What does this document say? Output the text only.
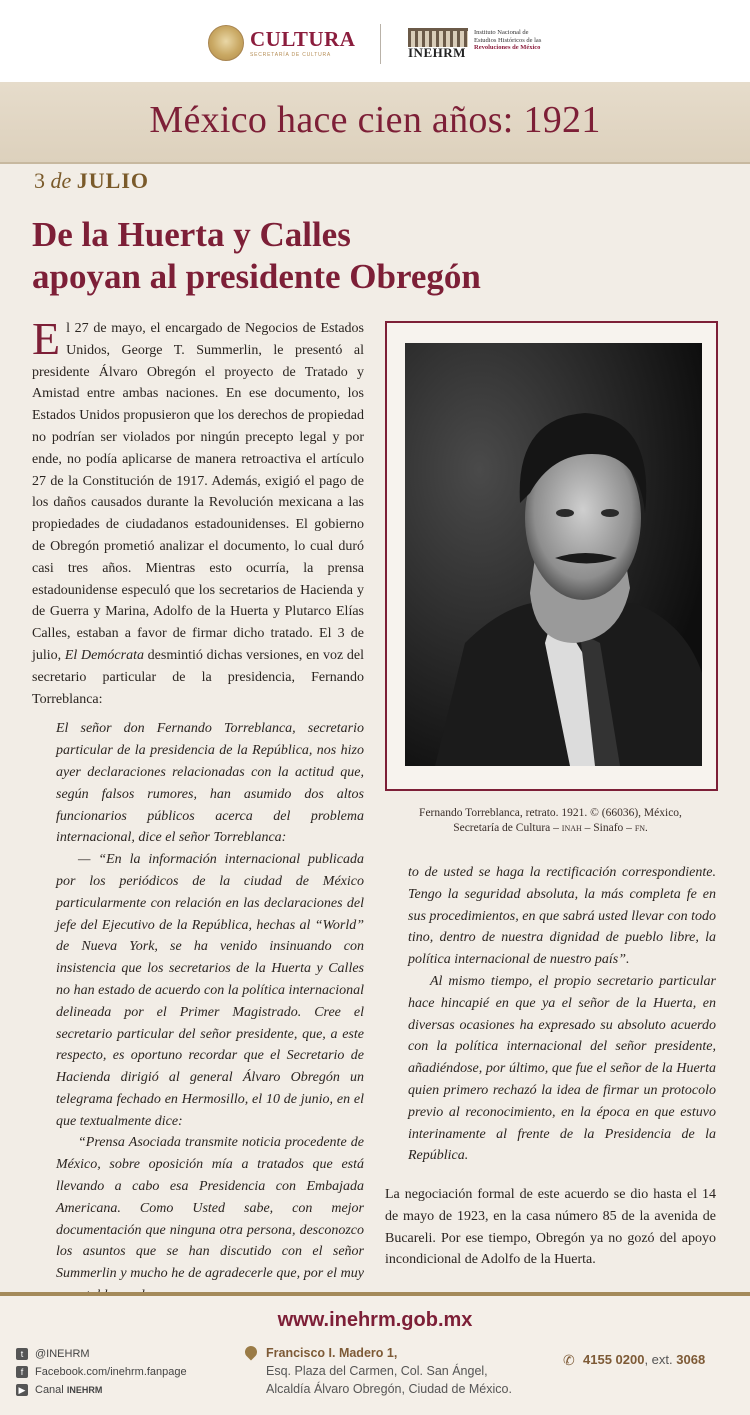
CULTURA
SECRETARÍA DE CULTURA	INEHRM
Instituto Nacional de
Estudios Históricos de las
Revoluciones de México
México hace cien años: 1921
3 de JULIO
De la Huerta y Calles
apoyan al presidente Obregón

El 27 de mayo, el encargado de Negocios de Estados Unidos, George T. Summerlin, le presentó al presidente Álvaro Obregón el proyecto de Tratado y Amistad entre ambas naciones. En ese documento, los Estados Unidos propusieron que los derechos de propiedad no podrían ser violados por ningún precepto legal y por ende, no podía aplicarse de manera retroactiva el artículo 27 de la Constitución de 1917. Además, exigió el pago de los daños causados durante la Revolución mexicana a las propiedades de ciudadanos estadounidenses. El gobierno de Obregón prometió analizar el documento, lo cual duró casi tres años. Mientras esto ocurría, la prensa estadounidense especuló que los secretarios de Hacienda y de Guerra y Marina, Adolfo de la Huerta y Plutarco Elías Calles, estaban a favor de firmar dicho tratado. El 3 de julio, El Demócrata desmintió dichas versiones, en voz del secretario particular de la presidencia, Fernando Torreblanca:

El señor don Fernando Torreblanca, secretario particular de la presidencia de la República, nos hizo ayer declaraciones relacionadas con la actitud que, según falsos rumores, han asumido dos altos funcionarios públicos acerca del problema internacional, dice el señor Torreblanca:

— “En la información internacional publicada por los periódicos de la ciudad de México particularmente con relación en las declaraciones del jefe del Ejecutivo de la República, hechas al “World” de Nueva York, se ha venido insinuando con insistencia que los secretarios de la Huerta y Calles no han estado de acuerdo con la política internacional delineada por el Primer Magistrado. Cree el secretario particular del señor presidente, que, a este respecto, es oportuno recordar que el Secretario de Hacienda dirigió al general Álvaro Obregón un telegrama fechado en Hermosillo, el 10 de junio, en el que textualmente dice:

“Prensa Asociada transmite noticia procedente de México, sobre oposición mía a tratados que está llevando a cabo esa Presidencia con Embajada Americana. Como Usted sabe, con mejor documentación que ninguna otra persona, desconozco los asuntos que se han discutido con el señor Summerlin y mucho he de agradecerle que, por el muy

Fernando Torreblanca, retrato. 1921. © (66036), México,
Secretaría de Cultura – inah – Sinafo – fn.

to de usted se haga la rectificación correspondiente. Tengo la seguridad absoluta, la más completa fe en sus procedimientos, en que sabrá usted llevar con todo tino, dentro de nuestra dignidad de pueblo libre, la política internacional de nuestro país”.

Al mismo tiempo, el propio secretario particular hace hincapié en que ya el señor de la Huerta, en diversas ocasiones ha expresado su absoluto acuerdo con la política internacional del señor presidente, añadiéndose, por último, que fue el señor de la Huerta quien primero rechazó la idea de firmar un protocolo previo al reconocimiento, en la época en que estuvo interinamente al frente de la Presidencia de la República.

La negociación formal de este acuerdo se dio hasta el 14 de mayo de 1923, en la casa número 85 de la avenida de Bucareli. Por ese tiempo, Obregón ya no gozó del apoyo incondicional de Adolfo de la Huerta.

www.inehrm.gob.mx
t	@INEHRM
f	Facebook.com/inehrm.fanpage
▶ Canal
INEHRM
Francisco I. Madero 1,
Esq. Plaza del Carmen, Col. San Ángel,
Alcaldía Álvaro Obregón, Ciudad de México.
✆ 4155 0200 , ext.
3068
